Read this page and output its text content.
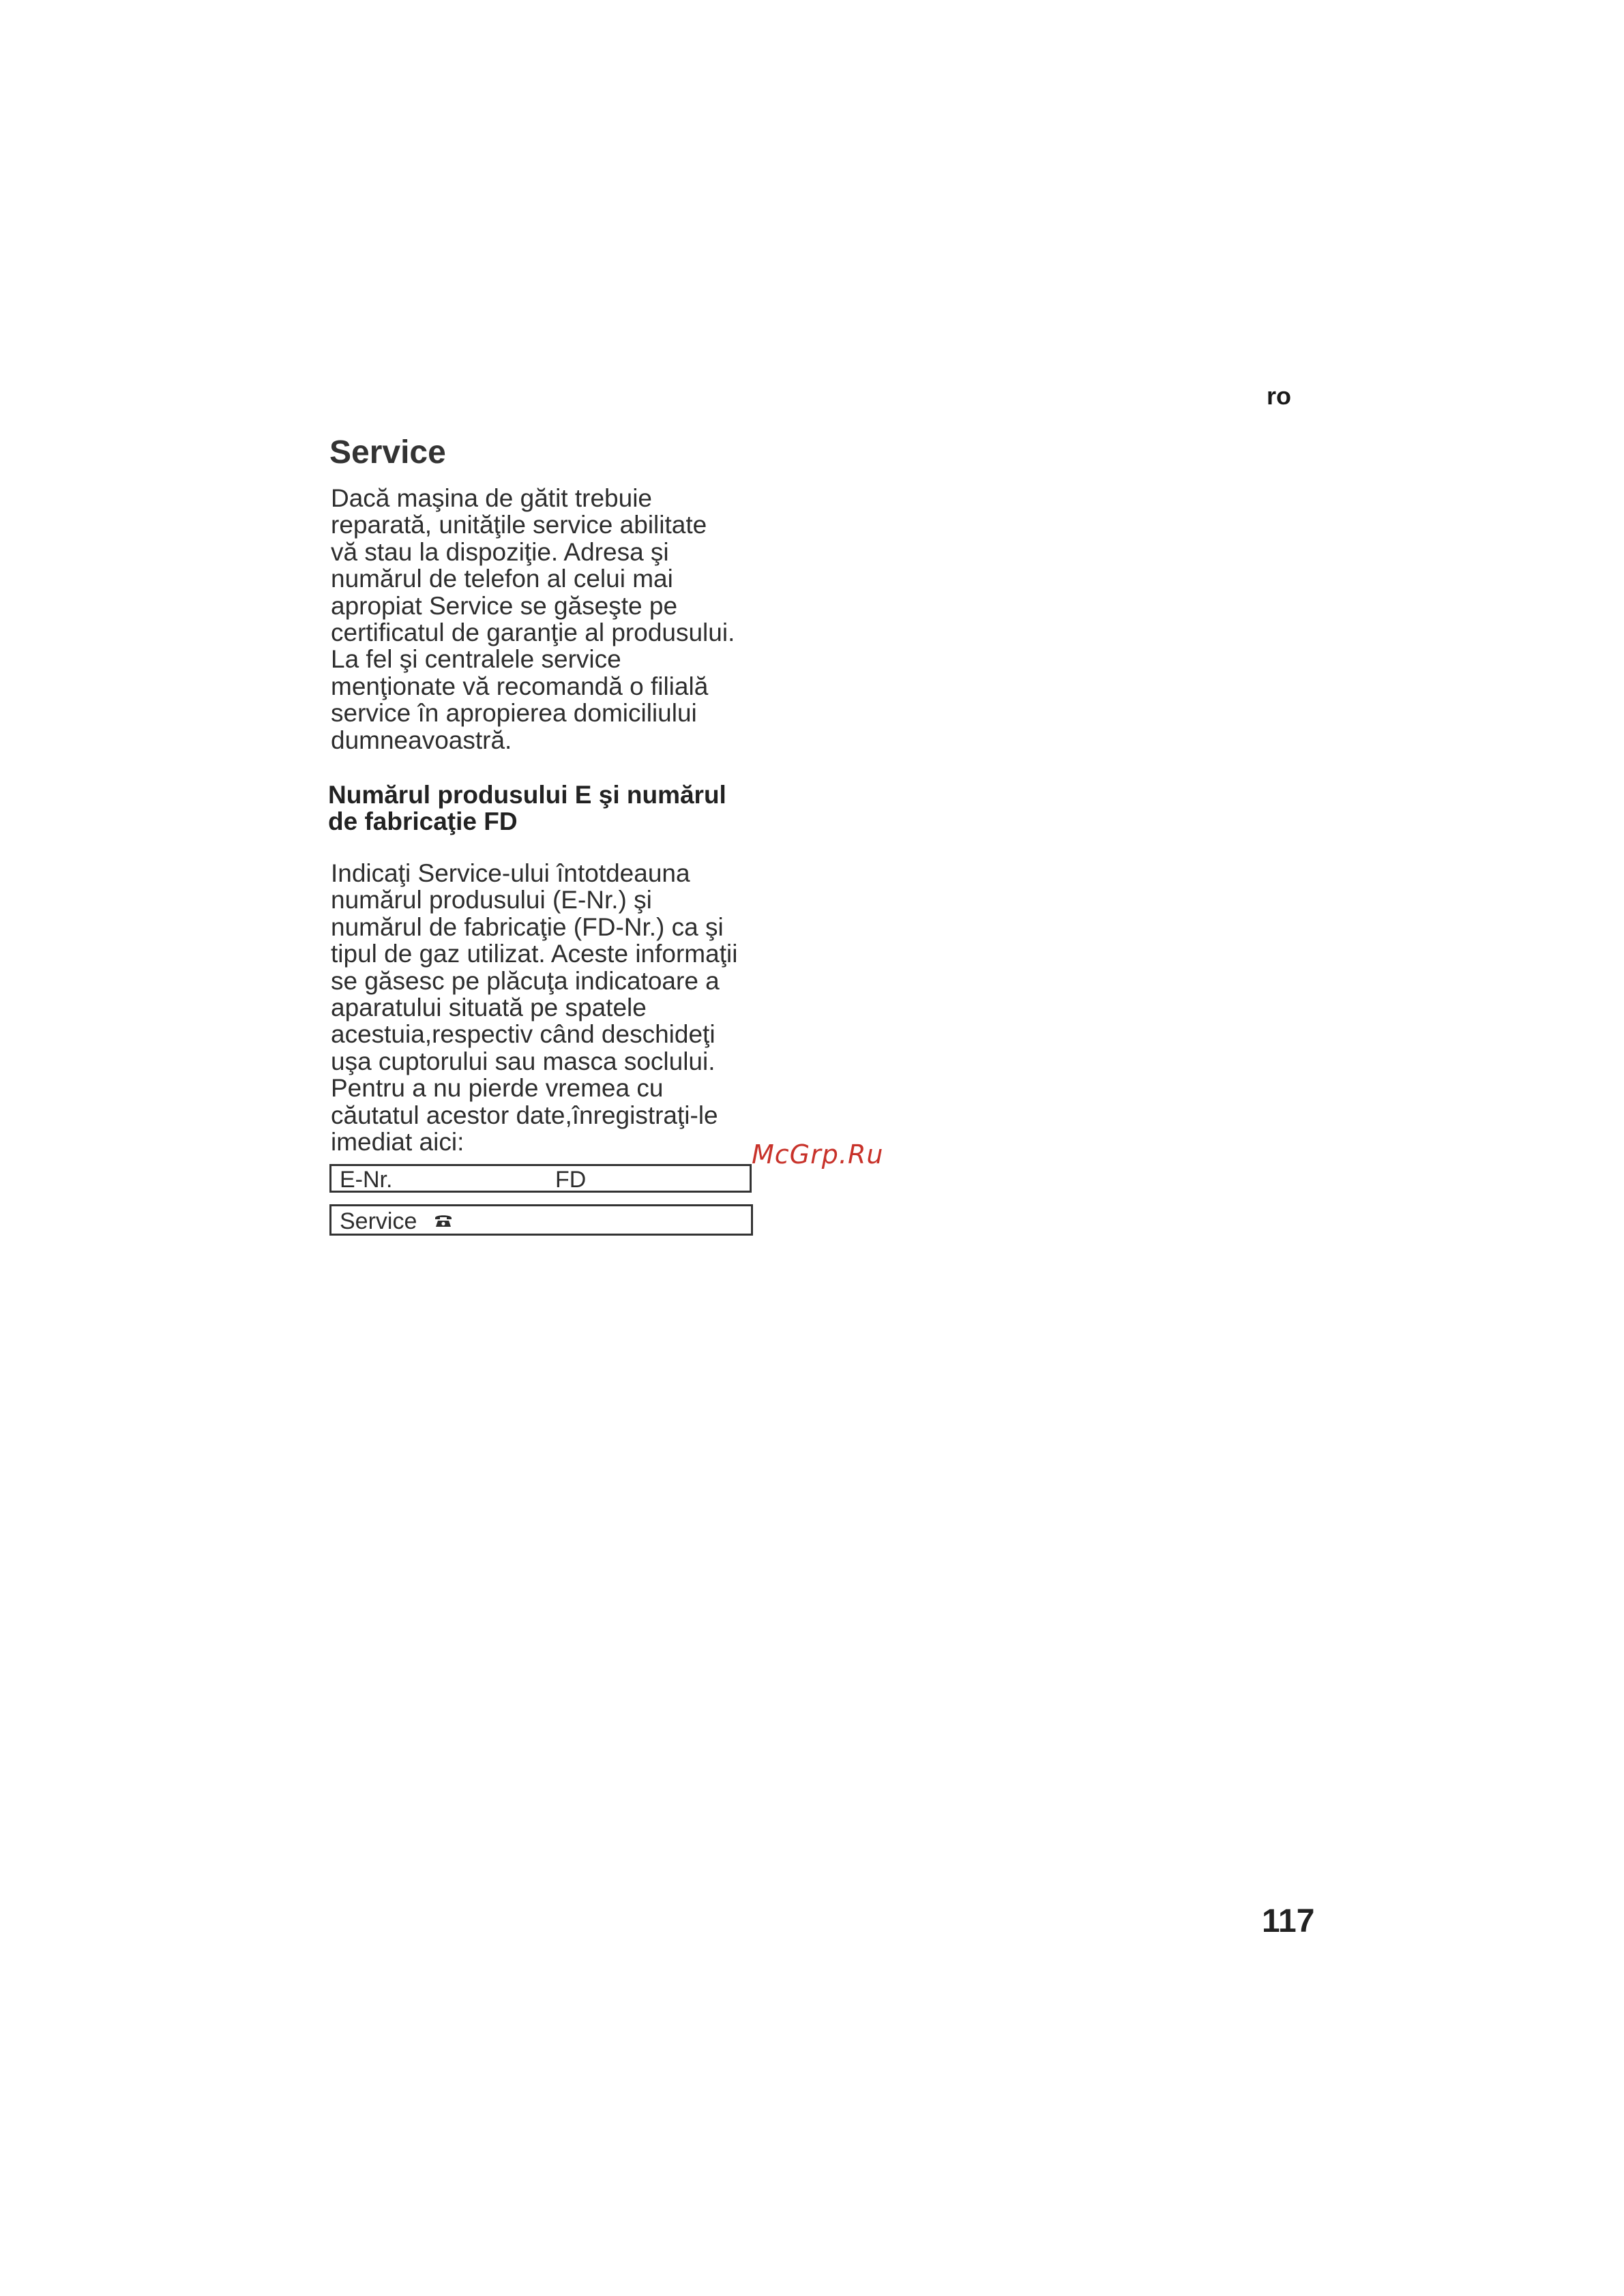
ro
Service

Dacă maşina de gătit trebuie
reparată, unităţile service abilitate
vă stau la dispoziţie. Adresa şi
numărul de telefon al celui mai
apropiat Service se găseşte pe
certificatul de garanţie al produsului.
La fel şi centralele service
menţionate vă recomandă o filială
service în apropierea domiciliului
dumneavoastră.

Numărul produsului E şi numărul
de fabricaţie FD

Indicaţi Service-ului întotdeauna
numărul produsului (E-Nr.) şi
numărul de fabricaţie (FD-Nr.) ca şi
tipul de gaz utilizat. Aceste informaţii
se găsesc pe plăcuţa indicatoare a
aparatului situată pe spatele
acestuia,respectiv când deschideţi
uşa cuptorului sau masca soclului.
Pentru a nu pierde vremea cu
căutatul acestor date,înregistraţi-le
imediat aici:

E-Nr.	FD
Service
McGrp.Ru
117
